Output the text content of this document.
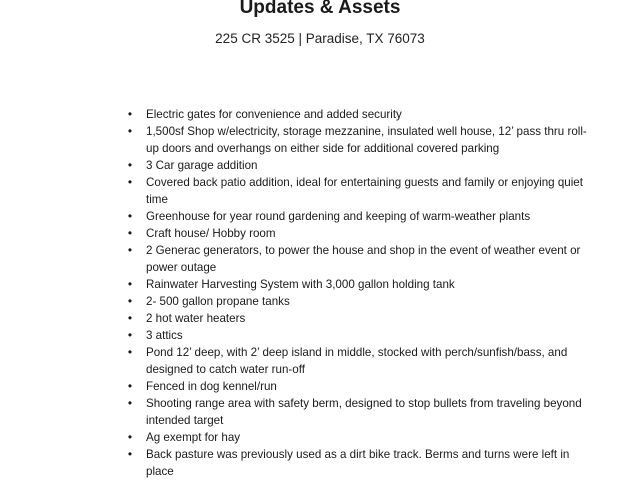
Updates & Assets
225 CR 3525 | Paradise, TX 76073
•	Electric gates for convenience and added security
•	1,500sf Shop w/electricity, storage mezzanine, insulated well house, 12’ pass thru roll-up doors and overhangs on either side for additional covered parking
•	3 Car garage addition
•	Covered back patio addition, ideal for entertaining guests and family or enjoying quiet time
•	Greenhouse for year round gardening and keeping of warm-weather plants
•	Craft house/ Hobby room
•	2 Generac generators, to power the house and shop in the event of weather event or power outage
•	Rainwater Harvesting System with 3,000 gallon holding tank
•	2- 500 gallon propane tanks
•	2 hot water heaters
•	3 attics
•	Pond 12’ deep, with 2’ deep island in middle, stocked with perch/sunfish/bass, and designed to catch water run-off
•	Fenced in dog kennel/run
•	Shooting range area with safety berm, designed to stop bullets from traveling beyond intended target
•	Ag exempt for hay
•	Back pasture was previously used as a dirt bike track. Berms and turns were left in place
